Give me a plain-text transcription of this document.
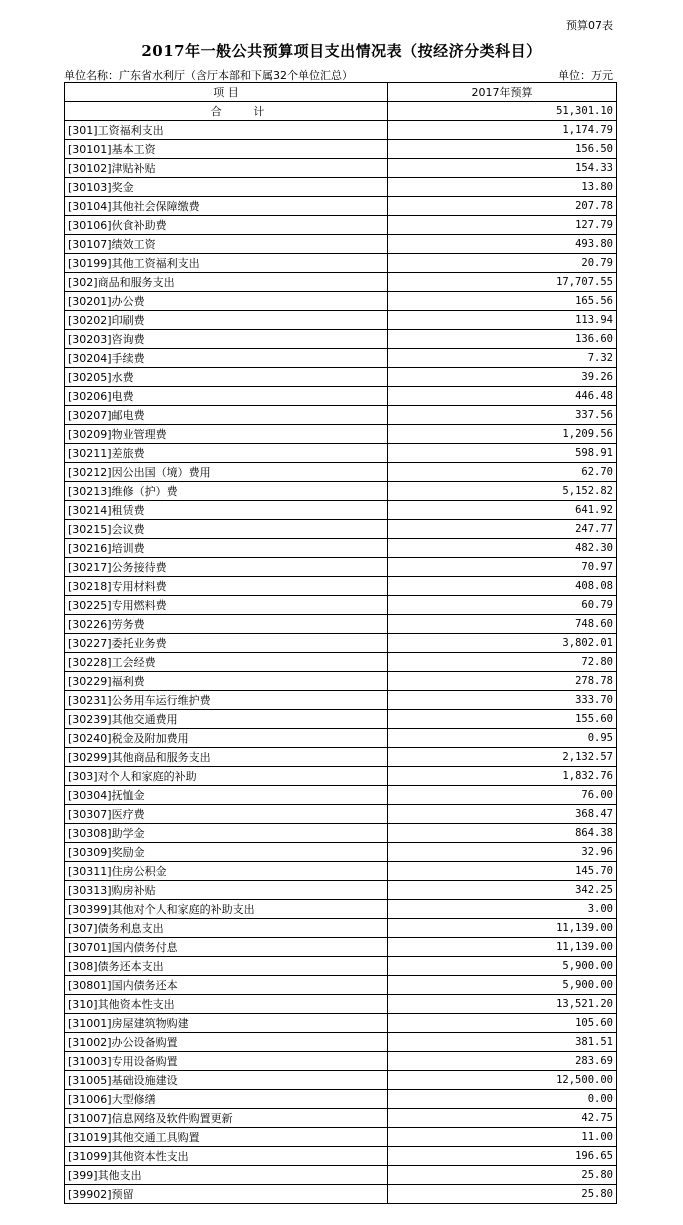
预算07表
2017年一般公共预算项目支出情况表（按经济分类科目）
单位名称：广东省水利厅（含厅本部和下属32个单位汇总）	单位：万元
项 目	2017年预算
合 计	51,301.10
[301]工资福利支出	1,174.79
[30101]基本工资	156.50
[30102]津贴补贴	154.33
[30103]奖金	13.80
[30104]其他社会保障缴费	207.78
[30106]伙食补助费	127.79
[30107]绩效工资	493.80
[30199]其他工资福利支出	20.79
[302]商品和服务支出	17,707.55
[30201]办公费	165.56
[30202]印刷费	113.94
[30203]咨询费	136.60
[30204]手续费	7.32
[30205]水费	39.26
[30206]电费	446.48
[30207]邮电费	337.56
[30209]物业管理费	1,209.56
[30211]差旅费	598.91
[30212]因公出国（境）费用	62.70
[30213]维修（护）费	5,152.82
[30214]租赁费	641.92
[30215]会议费	247.77
[30216]培训费	482.30
[30217]公务接待费	70.97
[30218]专用材料费	408.08
[30225]专用燃料费	60.79
[30226]劳务费	748.60
[30227]委托业务费	3,802.01
[30228]工会经费	72.80
[30229]福利费	278.78
[30231]公务用车运行维护费	333.70
[30239]其他交通费用	155.60
[30240]税金及附加费用	0.95
[30299]其他商品和服务支出	2,132.57
[303]对个人和家庭的补助	1,832.76
[30304]抚恤金	76.00
[30307]医疗费	368.47
[30308]助学金	864.38
[30309]奖励金	32.96
[30311]住房公积金	145.70
[30313]购房补贴	342.25
[30399]其他对个人和家庭的补助支出	3.00
[307]债务利息支出	11,139.00
[30701]国内债务付息	11,139.00
[308]债务还本支出	5,900.00
[30801]国内债务还本	5,900.00
[310]其他资本性支出	13,521.20
[31001]房屋建筑物购建	105.60
[31002]办公设备购置	381.51
[31003]专用设备购置	283.69
[31005]基础设施建设	12,500.00
[31006]大型修缮	0.00
[31007]信息网络及软件购置更新	42.75
[31019]其他交通工具购置	11.00
[31099]其他资本性支出	196.65
[399]其他支出	25.80
[39902]预留	25.80
